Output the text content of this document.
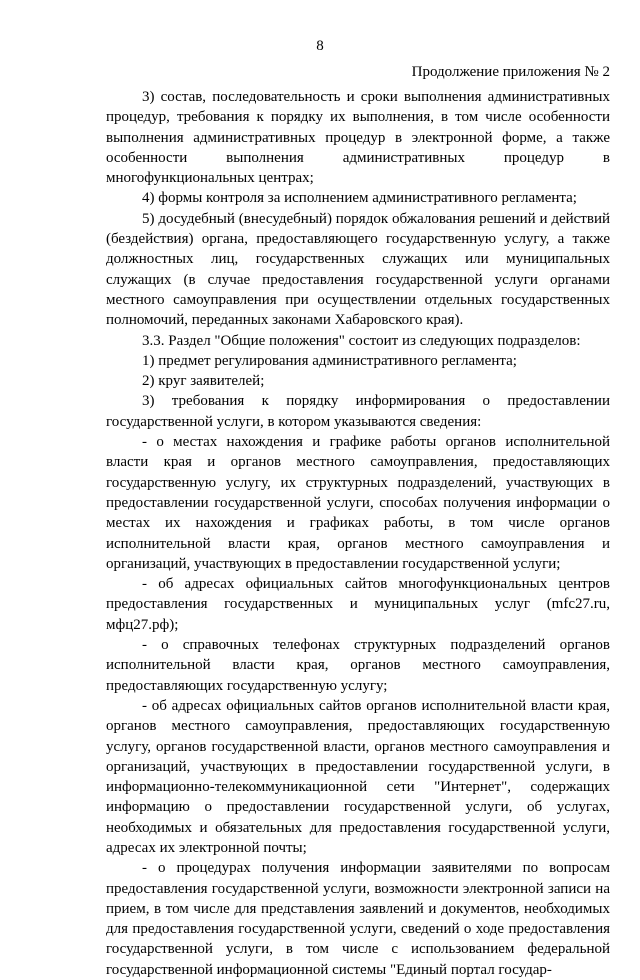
8
Продолжение приложения № 2

3) состав, последовательность и сроки выполнения административных процедур, требования к порядку их выполнения, в том числе особенности выполнения административных процедур в электронной форме, а также особенности выполнения административных процедур в многофункциональных центрах;

4) формы контроля за исполнением административного регламента;

5) досудебный (внесудебный) порядок обжалования решений и действий (бездействия) органа, предоставляющего государственную услугу, а также должностных лиц, государственных служащих или муниципальных служащих (в случае предоставления государственной услуги органами местного самоуправления при осуществлении отдельных государственных полномочий, переданных законами Хабаровского края).

3.3. Раздел "Общие положения" состоит из следующих подразделов:

1) предмет регулирования административного регламента;

2) круг заявителей;

3) требования к порядку информирования о предоставлении государственной услуги, в котором указываются сведения:

- о местах нахождения и графике работы органов исполнительной власти края и органов местного самоуправления, предоставляющих государственную услугу, их структурных подразделений, участвующих в предоставлении государственной услуги, способах получения информации о местах их нахождения и графиках работы, в том числе органов исполнительной власти края, органов местного самоуправления и организаций, участвующих в предоставлении государственной услуги;

- об адресах официальных сайтов многофункциональных центров предоставления государственных и муниципальных услуг (mfc27.ru, мфц27.рф);

- о справочных телефонах структурных подразделений органов исполнительной власти края, органов местного самоуправления, предоставляющих государственную услугу;

- об адресах официальных сайтов органов исполнительной власти края, органов местного самоуправления, предоставляющих государственную услугу, органов государственной власти, органов местного самоуправления и организаций, участвующих в предоставлении государственной услуги, в информационно-телекоммуникационной сети "Интернет", содержащих информацию о предоставлении государственной услуги, об услугах, необходимых и обязательных для предоставления государственной услуги, адресах их электронной почты;

- о процедурах получения информации заявителями по вопросам предоставления государственной услуги, возможности электронной записи на прием, в том числе для представления заявлений и документов, необходимых для предоставления государственной услуги, сведений о ходе предоставления государственной услуги, в том числе с использованием федеральной государственной информационной системы "Единый портал государ-
